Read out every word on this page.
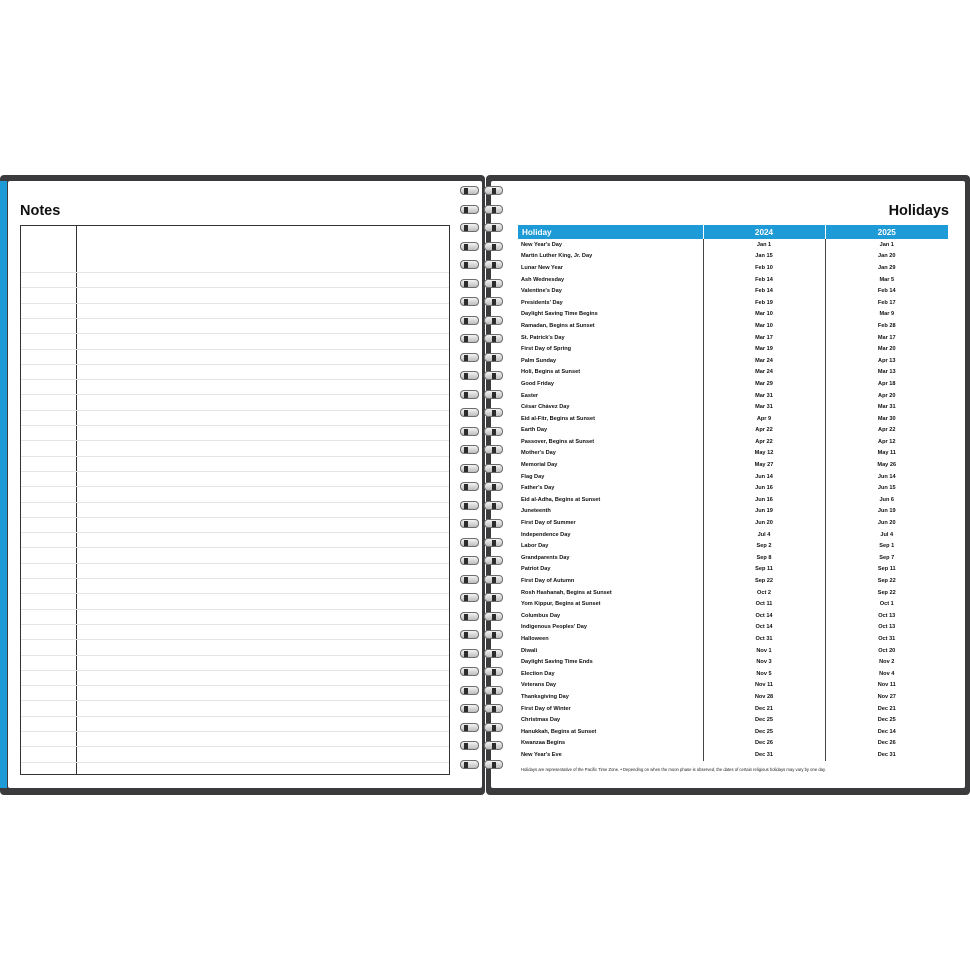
Notes	Holidays
Holiday	2024	2025
New Year's Day	Jan 1	Jan 1
Martin Luther King, Jr. Day	Jan 15	Jan 20
Lunar New Year	Feb 10	Jan 29
Ash Wednesday	Feb 14	Mar 5
Valentine's Day	Feb 14	Feb 14
Presidents' Day	Feb 19	Feb 17
Daylight Saving Time Begins	Mar 10	Mar 9
Ramadan, Begins at Sunset	Mar 10	Feb 28
St. Patrick's Day	Mar 17	Mar 17
First Day of Spring	Mar 19	Mar 20
Palm Sunday	Mar 24	Apr 13
Holi, Begins at Sunset	Mar 24	Mar 13
Good Friday	Mar 29	Apr 18
Easter	Mar 31	Apr 20
César Chávez Day	Mar 31	Mar 31
Eid al-Fitr, Begins at Sunset	Apr 9	Mar 30
Earth Day	Apr 22	Apr 22
Passover, Begins at Sunset	Apr 22	Apr 12
Mother's Day	May 12	May 11
Memorial Day	May 27	May 26
Flag Day	Jun 14	Jun 14
Father's Day	Jun 16	Jun 15
Eid al-Adha, Begins at Sunset	Jun 16	Jun 6
Juneteenth	Jun 19	Jun 19
First Day of Summer	Jun 20	Jun 20
Independence Day	Jul 4	Jul 4
Labor Day	Sep 2	Sep 1
Grandparents Day	Sep 8	Sep 7
Patriot Day	Sep 11	Sep 11
First Day of Autumn	Sep 22	Sep 22
Rosh Hashanah, Begins at Sunset	Oct 2	Sep 22
Yom Kippur, Begins at Sunset	Oct 11	Oct 1
Columbus Day	Oct 14	Oct 13
Indigenous Peoples' Day	Oct 14	Oct 13
Halloween	Oct 31	Oct 31
Diwali	Nov 1	Oct 20
Daylight Saving Time Ends	Nov 3	Nov 2
Election Day	Nov 5	Nov 4
Veterans Day	Nov 11	Nov 11
Thanksgiving Day	Nov 28	Nov 27
First Day of Winter	Dec 21	Dec 21
Christmas Day	Dec 25	Dec 25
Hanukkah, Begins at Sunset	Dec 25	Dec 14
Kwanzaa Begins	Dec 26	Dec 26
New Year's Eve	Dec 31	Dec 31
Holidays are representative of the Pacific Time Zone. • Depending on when the moon phase is observed, the dates of certain religious holidays may vary by one day.
